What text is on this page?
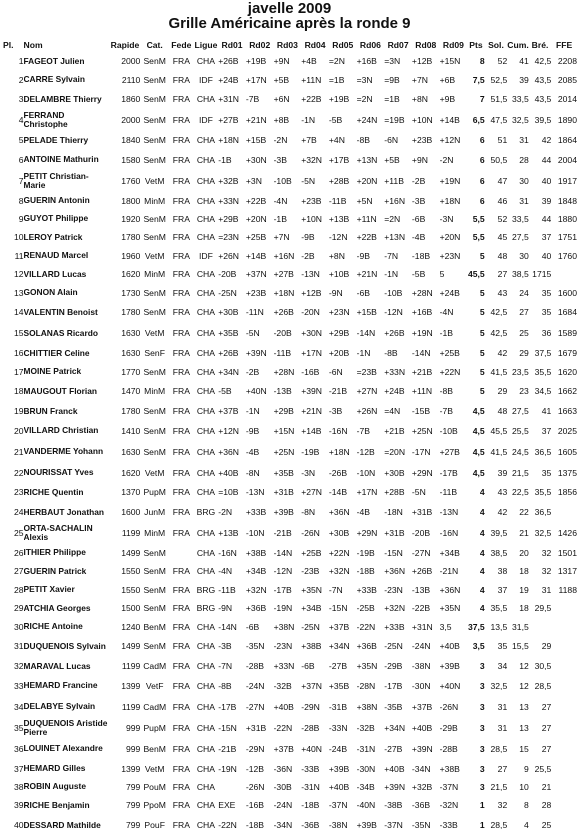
javelle 2009
Grille Américaine après la ronde 9
Pl.	Nom	Rapide	Cat.	Fede	Ligue	Rd01	Rd02	Rd03	Rd04	Rd05	Rd06	Rd07	Rd08	Rd09	Pts	Sol.	Cum.	Bré.	FFE
1	FAGEOT Julien	2000	SenM	FRA	CHA	+26B	+19B	+9N	+4B	=2N	+16B	=3N	+12B	+15N	8	52	41	42,5	2208
2	CARRE Sylvain	2110	SenM	FRA	IDF	+24B	+17N	+5B	+11N	=1B	=3N	=9B	+7N	+6B	7,5	52,5	39	43,5	2085
3	DELAMBRE Thierry	1860	SenM	FRA	CHA	+31N	-7B	+6N	+22B	+19B	=2N	=1B	+8N	+9B	7	51,5	33,5	43,5	2014
4	FERRAND Christophe	2000	SenM	FRA	IDF	+27B	+21N	+8B	-1N	-5B	+24N	=19B	+10N	+14B	6,5	47,5	32,5	39,5	1890
5	PELADE Thierry	1840	SenM	FRA	CHA	+18N	+15B	-2N	+7B	+4N	-8B	-6N	+23B	+12N	6	51	31	42	1864
6	ANTOINE Mathurin	1580	SenM	FRA	CHA	-1B	+30N	-3B	+32N	+17B	+13N	+5B	+9N	-2N	6	50,5	28	44	2004
7	PETIT Christian-Marie	1760	VetM	FRA	CHA	+32B	+3N	-10B	-5N	+28B	+20N	+11B	-2B	+19N	6	47	30	40	1917
8	GUERIN Antonin	1800	MinM	FRA	CHA	+33N	+22B	-4N	+23B	-11B	+5N	+16N	-3B	+18N	6	46	31	39	1848
9	GUYOT Philippe	1920	SenM	FRA	CHA	+29B	+20N	-1B	+10N	+13B	+11N	=2N	-6B	-3N	5,5	52	33,5	44	1880
10	LEROY Patrick	1780	SenM	FRA	CHA	=23N	+25B	+7N	-9B	-12N	+22B	+13N	-4B	+20N	5,5	45	27,5	37	1751
11	RENAUD Marcel	1960	VetM	FRA	IDF	+26N	+14B	+16N	-2B	+8N	-9B	-7N	-18B	+23N	5	48	30	40	1760
12	VILLARD Lucas	1620	MinM	FRA	CHA	-20B	+37N	+27B	-13N	+10B	+21N	-1N	-5B	5	45,5	27	38,5	1715	
13	GONON Alain	1730	SenM	FRA	CHA	-25N	+23B	+18N	+12B	-9N	-6B	-10B	+28N	+24B	5	43	24	35	1600
14	VALENTIN Benoist	1780	SenM	FRA	CHA	+30B	-11N	+26B	-20N	+23N	+15B	-12N	+16B	-4N	5	42,5	27	35	1684
15	SOLANAS Ricardo	1630	VetM	FRA	CHA	+35B	-5N	-20B	+30N	+29B	-14N	+26B	+19N	-1B	5	42,5	25	36	1589
16	CHITTIER Celine	1630	SenF	FRA	CHA	+26B	+39N	-11B	+17N	+20B	-1N	-8B	-14N	+25B	5	42	29	37,5	1679
17	MOINE Patrick	1770	SenM	FRA	CHA	+34N	-2B	+28N	-16B	-6N	=23B	+33N	+21B	+22N	5	41,5	23,5	35,5	1620
18	MAUGOUT Florian	1470	MinM	FRA	CHA	-5B	+40N	-13B	+39N	-21B	+27N	+24B	+11N	-8B	5	29	23	34,5	1662
19	BRUN Franck	1780	SenM	FRA	CHA	+37B	-1N	+29B	+21N	-3B	+26N	=4N	-15B	-7B	4,5	48	27,5	41	1663
20	VILLARD Christian	1410	SenM	FRA	CHA	+12N	-9B	+15N	+14B	-16N	-7B	+21B	+25N	-10B	4,5	45,5	25,5	37	2025
21	VANDERME Yohann	1630	SenM	FRA	CHA	+36N	-4B	+25N	-19B	+18N	-12B	=20N	-17N	+27B	4,5	41,5	24,5	36,5	1605
22	NOURISSAT Yves	1620	VetM	FRA	CHA	+40B	-8N	+35B	-3N	-26B	-10N	+30B	+29N	-17B	4,5	39	21,5	35	1375
23	RICHE Quentin	1370	PupM	FRA	CHA	=10B	-13N	+31B	+27N	-14B	+17N	+28B	-5N	-11B	4	43	22,5	35,5	1856
24	HERBAUT Jonathan	1600	JunM	FRA	BRG	-2N	+33B	+39B	-8N	+36N	-4B	-18N	+31B	-13N	4	42	22	36,5	
25	ORTA-SACHALIN Alexis	1199	MinM	FRA	CHA	+13B	-10N	-21B	-26N	+30B	+29N	+31B	-20B	-16N	4	39,5	21	32,5	1426
26	ITHIER Philippe	1499	SenM		CHA	-16N	+38B	-14N	+25B	+22N	-19B	-15N	-27N	+34B	4	38,5	20	32	1501
27	GUERIN Patrick	1550	SenM	FRA	CHA	-4N	+34B	-12N	-23B	+32N	-18B	+36N	+26B	-21N	4	38	18	32	1317
28	PETIT Xavier	1550	SenM	FRA	BRG	-11B	+32N	-17B	+35N	-7N	+33B	-23N	-13B	+36N	4	37	19	31	1188
29	ATCHIA Georges	1500	SenM	FRA	BRG	-9N	+36B	-19N	+34B	-15N	-25B	+32N	-22B	+35N	4	35,5	18	29,5	
30	RICHE Antoine	1240	BenM	FRA	CHA	-14N	-6B	+38N	-25N	+37B	-22N	+33B	+31N	3,5	37,5	13,5	31,5		
31	DUQUENOIS Sylvain	1499	SenM	FRA	CHA	-3B	-35N	-23N	+38B	+34N	+36B	-25N	-24N	+40B	3,5	35	15,5	29	
32	MARAVAL Lucas	1199	CadM	FRA	CHA	-7N	-28B	+33N	-6B	-27B	+35N	-29B	-38N	+39B	3	34	12	30,5	
33	HEMARD Francine	1399	VetF	FRA	CHA	-8B	-24N	-32B	+37N	+35B	-28N	-17B	-30N	+40N	3	32,5	12	28,5	
34	DELABYE Sylvain	1199	CadM	FRA	CHA	-17B	-27N	+40B	-29N	-31B	+38N	-35B	+37B	-26N	3	31	13	27	
35	DUQUENOIS Aristide Pierre	999	PupM	FRA	CHA	-15N	+31B	-22N	-28B	-33N	-32B	+34N	+40B	-29B	3	31	13	27	
36	LOUINET Alexandre	999	BenM	FRA	CHA	-21B	-29N	+37B	+40N	-24B	-31N	-27B	+39N	-28B	3	28,5	15	27	
37	HEMARD Gilles	1399	VetM	FRA	CHA	-19N	-12B	-36N	-33B	+39B	-30N	+40B	-34N	+38B	3	27	9	25,5	
38	ROBIN Auguste	799	PouM	FRA	CHA		-26N	-30B	-31N	+40B	-34B	+39N	+32B	-37N	3	21,5	10	21	
39	RICHE Benjamin	799	PpoM	FRA	CHA	EXE	-16B	-24N	-18B	-37N	-40N	-38B	-36B	-32N	1	32	8	28	
40	DESSARD Mathilde	799	PouF	FRA	CHA	-22N	-18B	-34N	-36B	-38N	+39B	-37N	-35N	-33B	1	28,5	4	25	
